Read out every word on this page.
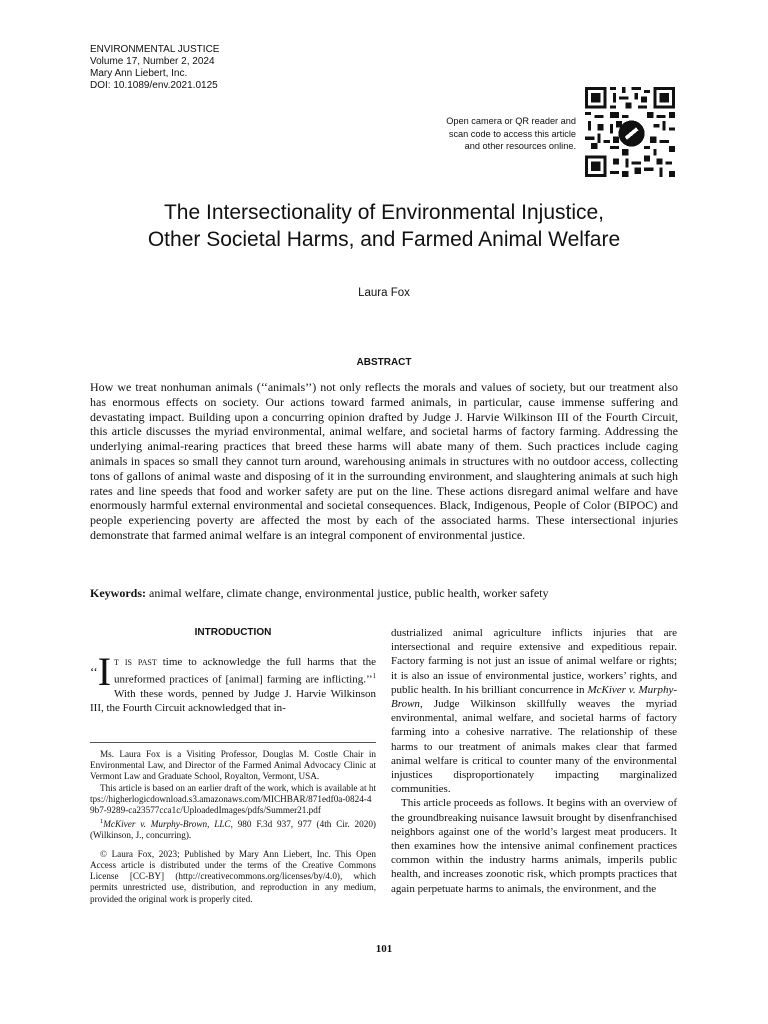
ENVIRONMENTAL JUSTICE
Volume 17, Number 2, 2024
Mary Ann Liebert, Inc.
DOI: 10.1089/env.2021.0125
Open camera or QR reader and
scan code to access this article
and other resources online.
The Intersectionality of Environmental Injustice,
Other Societal Harms, and Farmed Animal Welfare
Laura Fox
ABSTRACT

How we treat nonhuman animals (‘‘animals’’) not only reflects the morals and values of society, but our treatment also has enormous effects on society. Our actions toward farmed animals, in particular, cause immense suffering and devastating impact. Building upon a concurring opinion drafted by Judge J. Harvie Wilkinson III of the Fourth Circuit, this article discusses the myriad environmental, animal welfare, and societal harms of factory farming. Addressing the underlying animal-rearing practices that breed these harms will abate many of them. Such practices include caging animals in spaces so small they cannot turn around, warehousing animals in structures with no outdoor access, collecting tons of gallons of animal waste and disposing of it in the surrounding environment, and slaughtering animals at such high rates and line speeds that food and worker safety are put on the line. These actions disregard animal welfare and have enormously harmful external environmental and societal consequences. Black, Indigenous, People of Color (BIPOC) and people experiencing poverty are affected the most by each of the associated harms. These intersectional injuries demonstrate that farmed animal welfare is an integral component of environmental justice.

Keywords: animal welfare, climate change, environmental justice, public health, worker safety

INTRODUCTION

‘‘I t is past time to acknowledge the full harms that the unreformed practices of [animal] farming are inflicting.’’$^1$ With these words, penned by Judge J. Harvie Wilkinson III, the Fourth Circuit acknowledged that in-

Ms. Laura Fox is a Visiting Professor, Douglas M. Costle Chair in Environmental Law, and Director of the Farmed Animal Advocacy Clinic at Vermont Law and Graduate School, Royalton, Vermont, USA.

This article is based on an earlier draft of the work, which is available at https://higherlogicdownload.s3.amazonaws.com/MICHBAR/871edf0a-0824-49b7-9289-ca23577cca1c/UploadedImages/pdfs/Summer21.pdf

$^1$McKiver v. Murphy-Brown, LLC, 980 F.3d 937, 977 (4th Cir. 2020) (Wilkinson, J., concurring).

© Laura Fox, 2023; Published by Mary Ann Liebert, Inc. This Open Access article is distributed under the terms of the Creative Commons License [CC-BY] (http://creativecommons.org/licenses/by/4.0), which permits unrestricted use, distribution, and reproduction in any medium, provided the original work is properly cited.

dustrialized animal agriculture inflicts injuries that are intersectional and require extensive and expeditious repair. Factory farming is not just an issue of animal welfare or rights; it is also an issue of environmental justice, workers’ rights, and public health. In his brilliant concurrence in McKiver v. Murphy-Brown, Judge Wilkinson skillfully weaves the myriad environmental, animal welfare, and societal harms of factory farming into a cohesive narrative. The relationship of these harms to our treatment of animals makes clear that farmed animal welfare is critical to counter many of the environmental injustices disproportionately impacting marginalized communities.

This article proceeds as follows. It begins with an overview of the groundbreaking nuisance lawsuit brought by disenfranchised neighbors against one of the world’s largest meat producers. It then examines how the intensive animal confinement practices common within the industry harms animals, imperils public health, and increases zoonotic risk, which prompts practices that again perpetuate harms to animals, the environment, and the

101
